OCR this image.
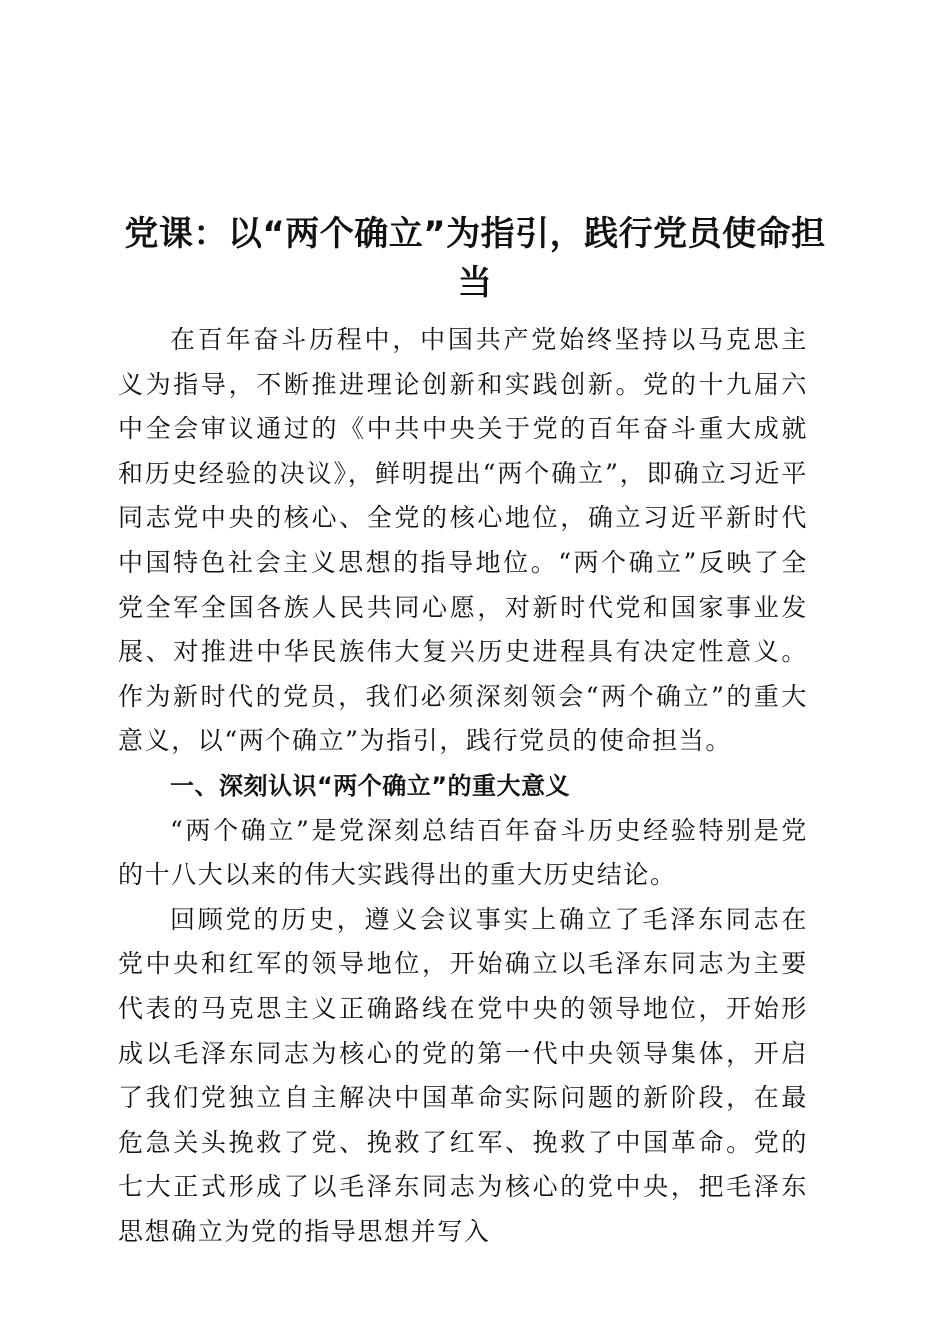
党课：以“两个确立”为指引，践行党员使命担当

在百年奋斗历程中，中国共产党始终坚持以马克思主义为指导，不断推进理论创新和实践创新。党的十九届六中全会审议通过的《中共中央关于党的百年奋斗重大成就和历史经验的决议》，鲜明提出“两个确立”，即确立习近平同志党中央的核心、全党的核心地位，确立习近平新时代中国特色社会主义思想的指导地位。“两个确立”反映了全党全军全国各族人民共同心愿，对新时代党和国家事业发展、对推进中华民族伟大复兴历史进程具有决定性意义。作为新时代的党员，我们必须深刻领会“两个确立”的重大意义，以“两个确立”为指引，践行党员的使命担当。

一、深刻认识“两个确立”的重大意义

“两个确立”是党深刻总结百年奋斗历史经验特别是党的十八大以来的伟大实践得出的重大历史结论。

回顾党的历史，遵义会议事实上确立了毛泽东同志在党中央和红军的领导地位，开始确立以毛泽东同志为主要代表的马克思主义正确路线在党中央的领导地位，开始形成以毛泽东同志为核心的党的第一代中央领导集体，开启了我们党独立自主解决中国革命实际问题的新阶段，在最危急关头挽救了党、挽救了红军、挽救了中国革命。党的七大正式形成了以毛泽东同志为核心的党中央，把毛泽东思想确立为党的指导思想并写入
